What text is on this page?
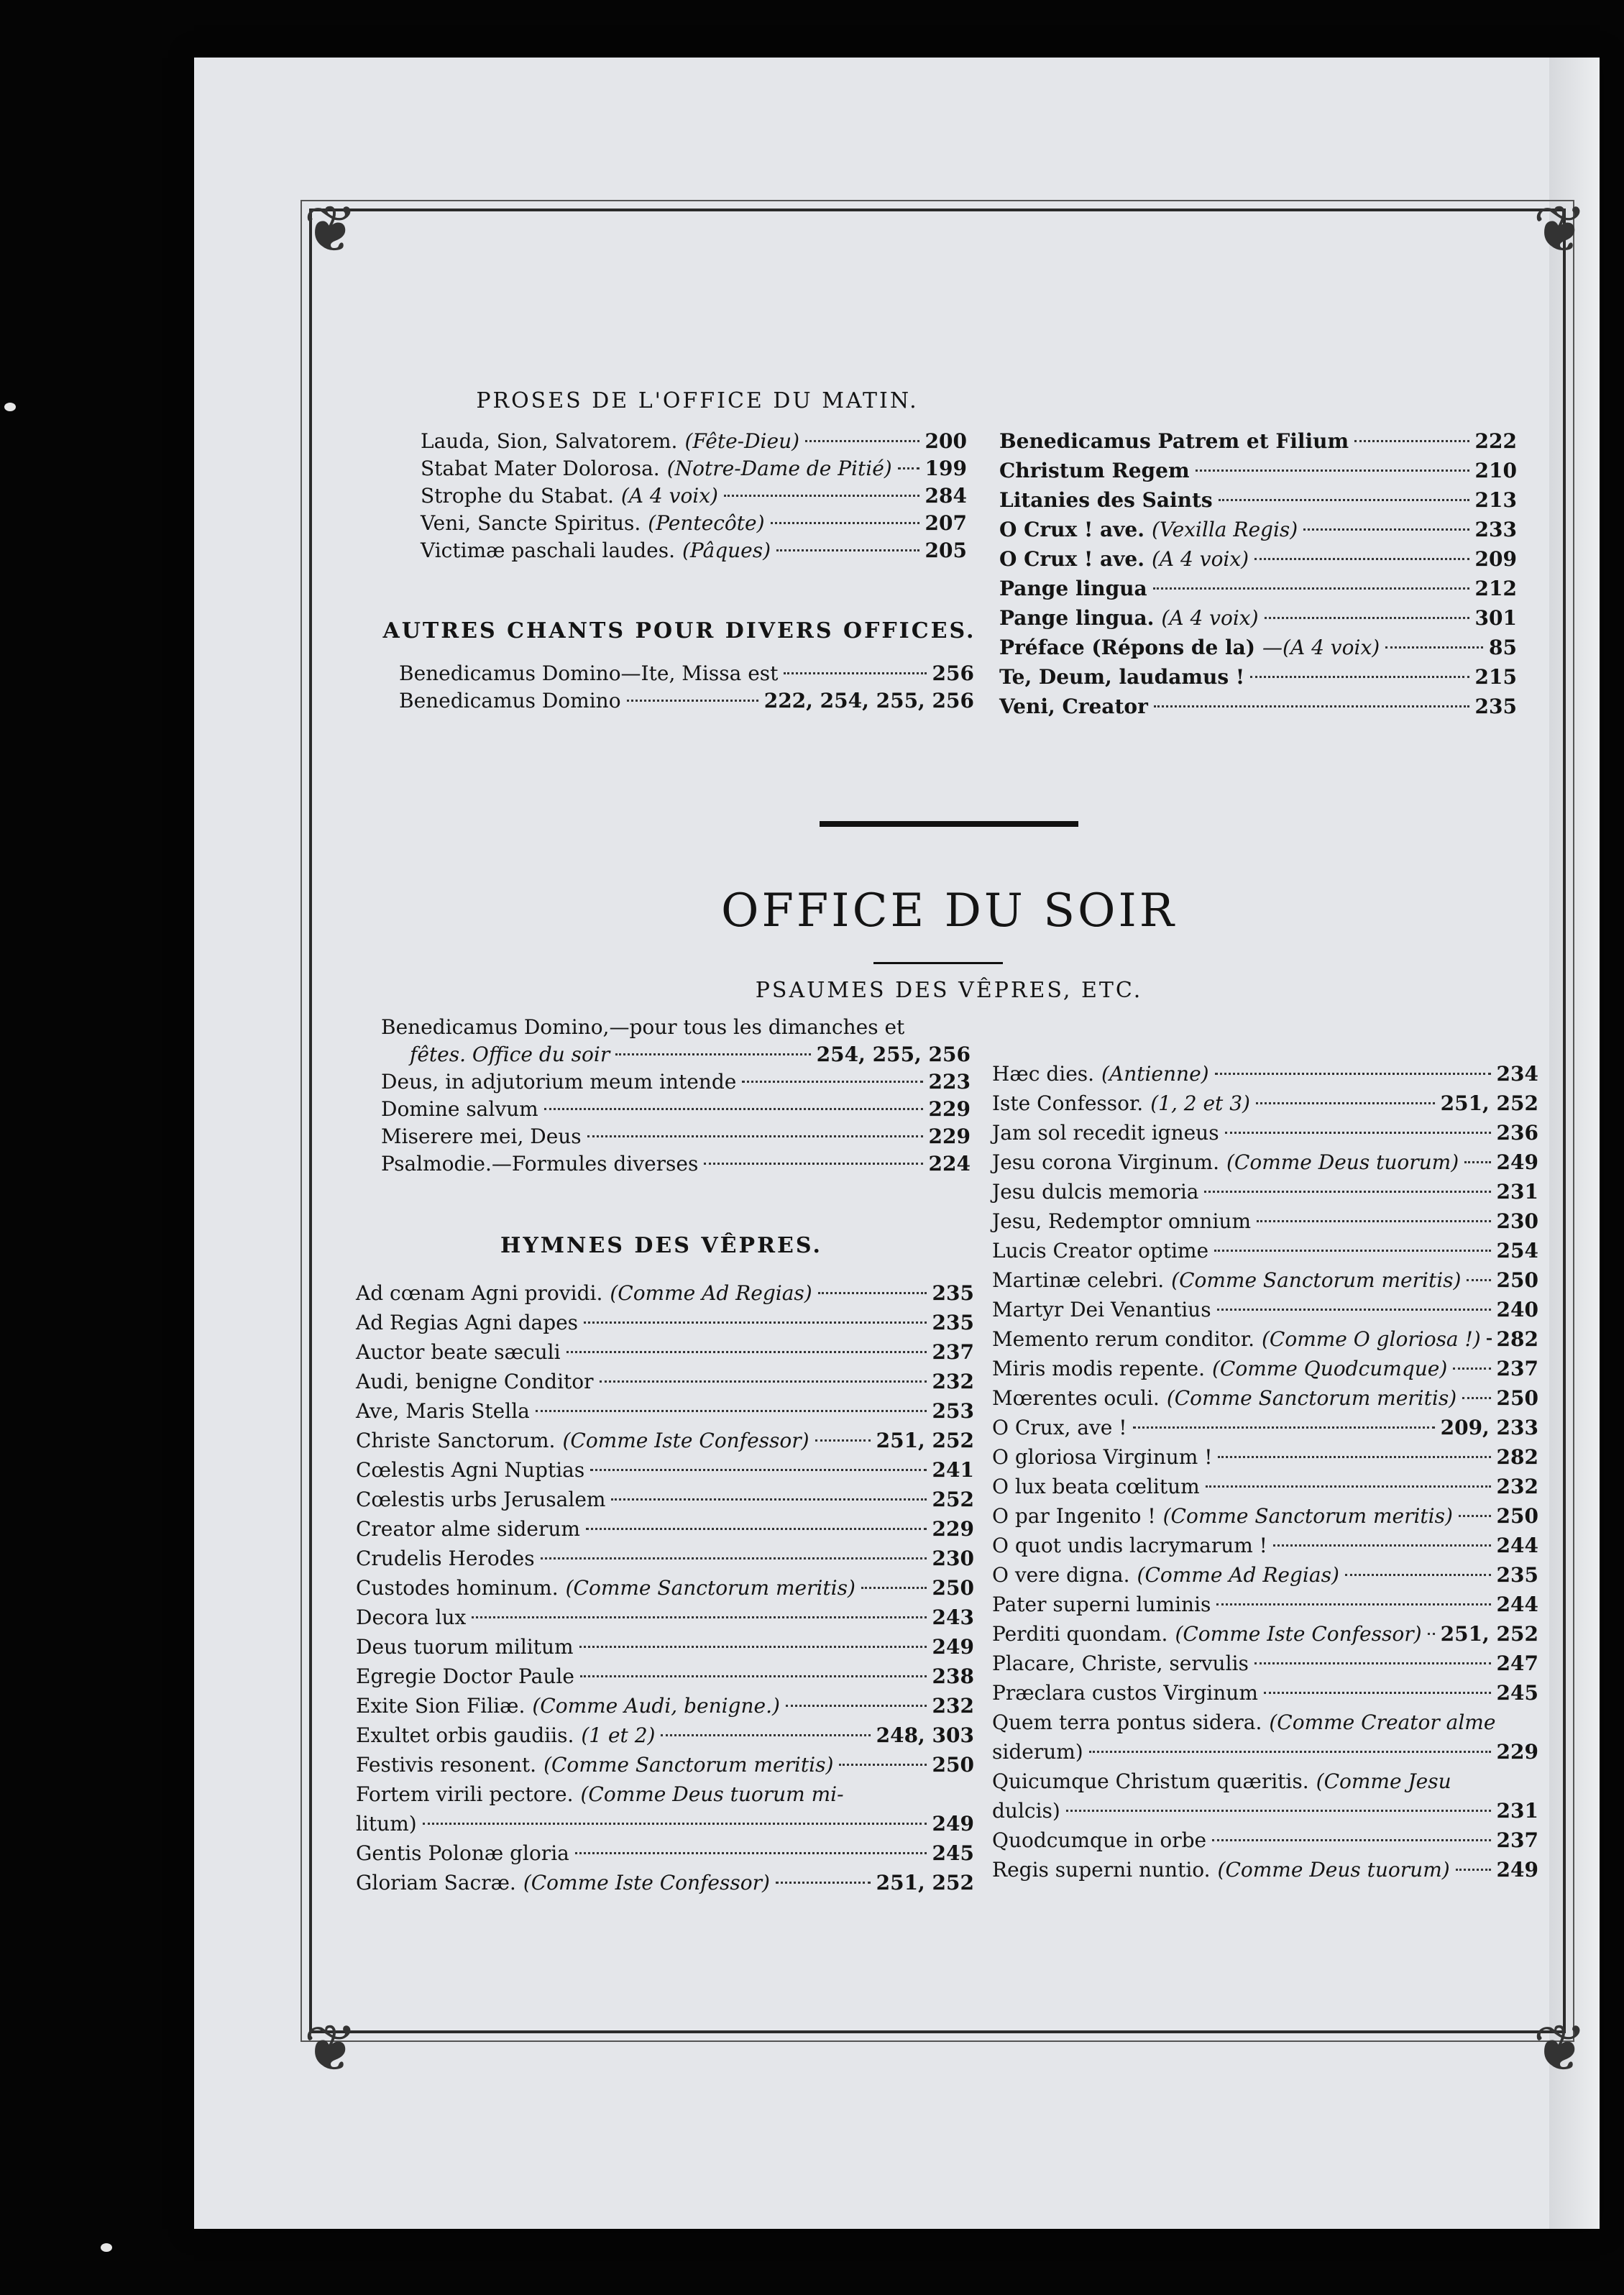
❦	❦
❦	❦
PROSES DE L'OFFICE DU MATIN.
AUTRES CHANTS POUR DIVERS OFFICES.
OFFICE DU SOIR
PSAUMES DES VÊPRES, ETC.
HYMNES DES VÊPRES.
Lauda, Sion, Salvatorem. (Fête-Dieu)	200
Stabat Mater Dolorosa. (Notre-Dame de Pitié) 199
Strophe du Stabat. (A 4 voix)	284
Veni, Sancte Spiritus. (Pentecôte)	207
Victimæ paschali laudes. (Pâques)	205
Benedicamus Domino—Ite, Missa est	256
Benedicamus Domino	222, 254, 255, 256
Benedicamus Patrem et Filium	222
Christum Regem	210
Litanies des Saints	213
O Crux ! ave. (Vexilla Regis)	233
O Crux ! ave. (A 4 voix)	209
Pange lingua	212
Pange lingua. (A 4 voix)	301
Préface (Répons de la) —(A 4 voix)	85
Te, Deum, laudamus !	215
Veni, Creator	235
Benedicamus Domino,—pour tous les dimanches et
fêtes. Office du soir	254, 255, 256
Deus, in adjutorium meum intende	223
Domine salvum	229
Miserere mei, Deus	229
Psalmodie.—Formules diverses	224
Ad cœnam Agni providi. (Comme Ad Regias)	235
Ad Regias Agni dapes	235
Auctor beate sæculi	237
Audi, benigne Conditor	232
Ave, Maris Stella	253
Christe Sanctorum. (Comme Iste Confessor)	251, 252
Cœlestis Agni Nuptias	241
Cœlestis urbs Jerusalem	252
Creator alme siderum	229
Crudelis Herodes	230
Custodes hominum. (Comme Sanctorum meritis)	250
Decora lux	243
Deus tuorum militum	249
Egregie Doctor Paule	238
Exite Sion Filiæ. (Comme Audi, benigne.)	232
Exultet orbis gaudiis. (1 et 2)	248, 303
Festivis resonent. (Comme Sanctorum meritis)	250
Fortem virili pectore. (Comme Deus tuorum mi-
litum)	249
Gentis Polonæ gloria	245
Gloriam Sacræ. (Comme Iste Confessor)	251, 252
Hæc dies. (Antienne)	234
Iste Confessor. (1, 2 et 3)	251, 252
Jam sol recedit igneus	236
Jesu corona Virginum. (Comme Deus tuorum) 249
Jesu dulcis memoria	231
Jesu, Redemptor omnium	230
Lucis Creator optime	254
Martinæ celebri. (Comme Sanctorum meritis) 250
Martyr Dei Venantius	240
Memento rerum conditor. (Comme O gloriosa !) 282
Miris modis repente. (Comme Quodcumque) 237
Mœrentes oculi. (Comme Sanctorum meritis) 250
O Crux, ave !	209, 233
O gloriosa Virginum !	282
O lux beata cœlitum	232
O par Ingenito ! (Comme Sanctorum meritis) 250
O quot undis lacrymarum !	244
O vere digna. (Comme Ad Regias)	235
Pater superni luminis	244
Perditi quondam. (Comme Iste Confessor) 251, 252
Placare, Christe, servulis	247
Præclara custos Virginum	245
Quem terra pontus sidera. (Comme Creator alme
siderum)	229
Quicumque Christum quæritis. (Comme Jesu
dulcis)	231
Quodcumque in orbe	237
Regis superni nuntio. (Comme Deus tuorum) 249
